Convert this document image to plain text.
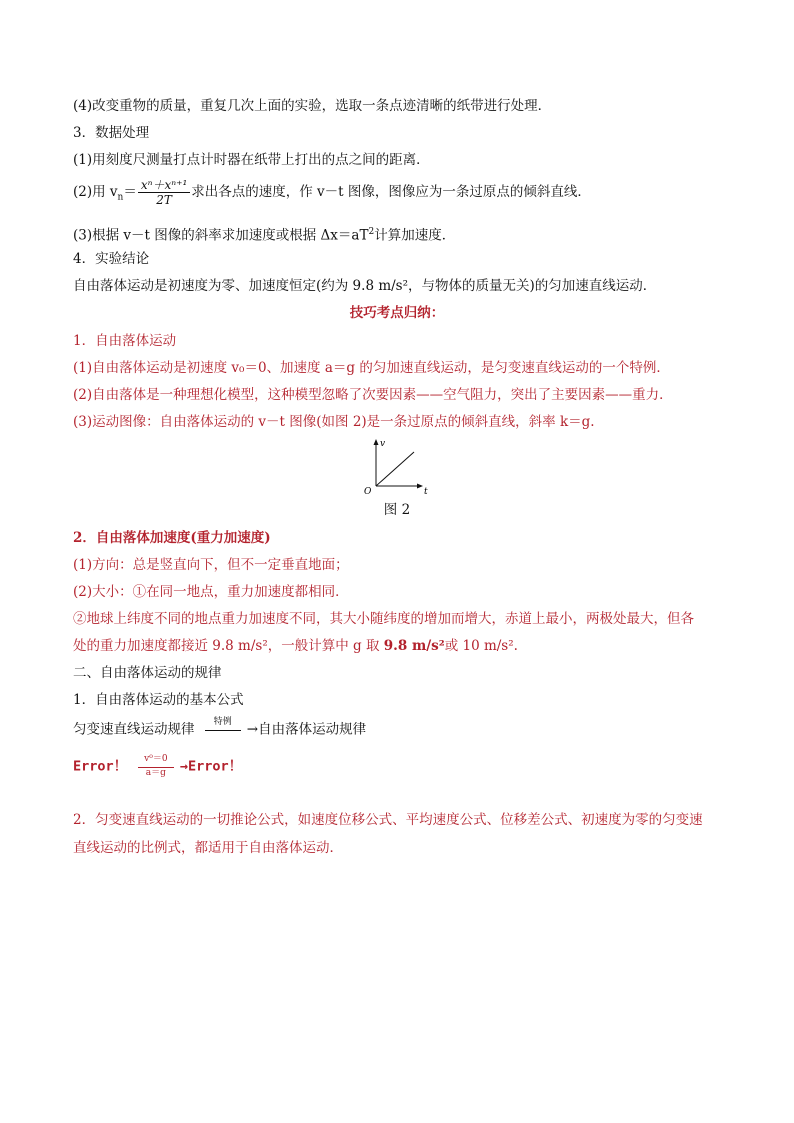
(4)改变重物的质量，重复几次上面的实验，选取一条点迹清晰的纸带进行处理．
3．数据处理
(1)用刻度尺测量打点计时器在纸带上打出的点之间的距离．
(2)用 $v_n= \frac{\text{xⁿ＋xⁿ⁺¹}}{2T}$ 求出各点的速度，作 v－t 图像，图像应为一条过原点的倾斜直线．
(3)根据 v－t 图像的斜率求加速度或根据 $\Delta x=aT^2$计算加速度．
4．实验结论
自由落体运动是初速度为零、加速度恒定(约为 9.8 m/s²，与物体的质量无关)的匀加速直线运动．
技巧考点归纳：
1．自由落体运动
(1)自由落体运动是初速度 v₀＝0、加速度 a＝g 的匀加速直线运动，是匀变速直线运动的一个特例．
(2)自由落体是一种理想化模型，这种模型忽略了次要因素——空气阻力，突出了主要因素——重力．
(3)运动图像：自由落体运动的 v－t 图像(如图 2)是一条过原点的倾斜直线，斜率 k＝g.
v
O	t
图 2
2．自由落体加速度(重力加速度)
(1)方向：总是竖直向下，但不一定垂直地面；
(2)大小：①在同一地点，重力加速度都相同．
②地球上纬度不同的地点重力加速度不同，其大小随纬度的增加而增大，赤道上最小，两极处最大，但各
处的重力加速度都接近 9.8 m/s²，一般计算中 g 取 9.8 m/s²或 10 m/s².
二、自由落体运动的规律
1．自由落体运动的基本公式
匀变速直线运动规律	特例	→自由落体运动规律
Error！ $\frac{\text{v⁰＝0}}{a=g}$ →Error！
2．匀变速直线运动的一切推论公式，如速度位移公式、平均速度公式、位移差公式、初速度为零的匀变速
直线运动的比例式，都适用于自由落体运动．
